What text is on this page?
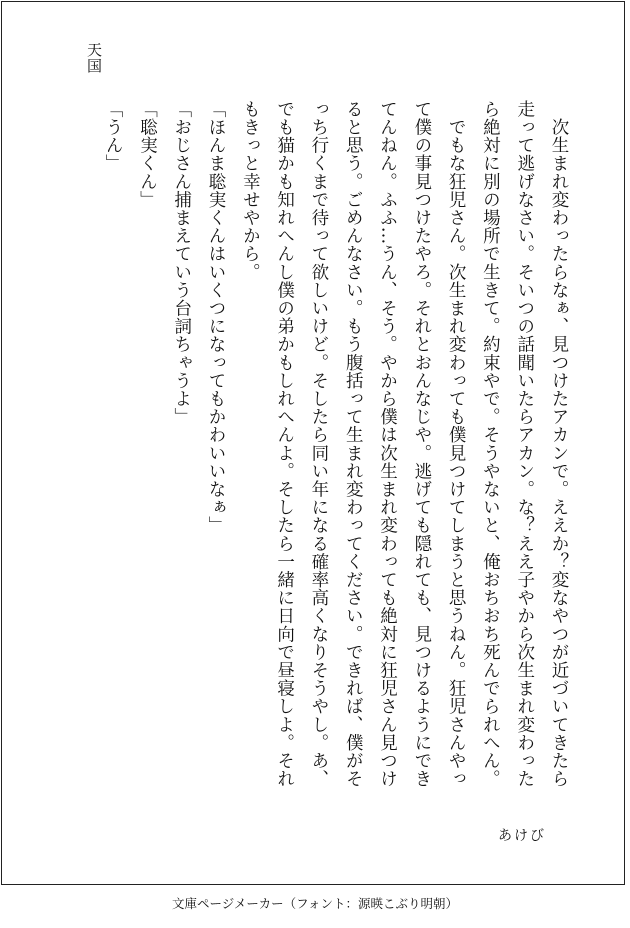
天国

　次生まれ変わったらなぁ、見つけたアカンで。ええか？変なやつが近づいてきたら走って逃げなさい。そいつの話聞いたらアカン。な？ええ子やから次生まれ変わったら絶対に別の場所で生きて。約束やで。そうやないと、俺おちおち死んでられへん。

　でもな狂児さん。次生まれ変わっても僕見つけてしまうと思うねん。狂児さんやって僕の事見つけたやろ。それとおんなじや。逃げても隠れても、見つけるようにできてんねん。ふふ…うん、そう。やから僕は次生まれ変わっても絶対に狂児さん見つけると思う。ごめんなさい。もう腹括って生まれ変わってください。できれば、僕がそっち行くまで待って欲しいけど。そしたら同い年になる確率高くなりそうやし。あ、でも猫かも知れへんし僕の弟かもしれへんよ。そしたら一緒に日向で昼寝しよ。それもきっと幸せやから。

「ほんま聡実くんはいくつになってもかわいいなぁ」

「おじさん捕まえていう台詞ちゃうよ」

「聡実くん」

「うん」

あけび
文庫ページメーカー（フォント：源暎こぶり明朝）
